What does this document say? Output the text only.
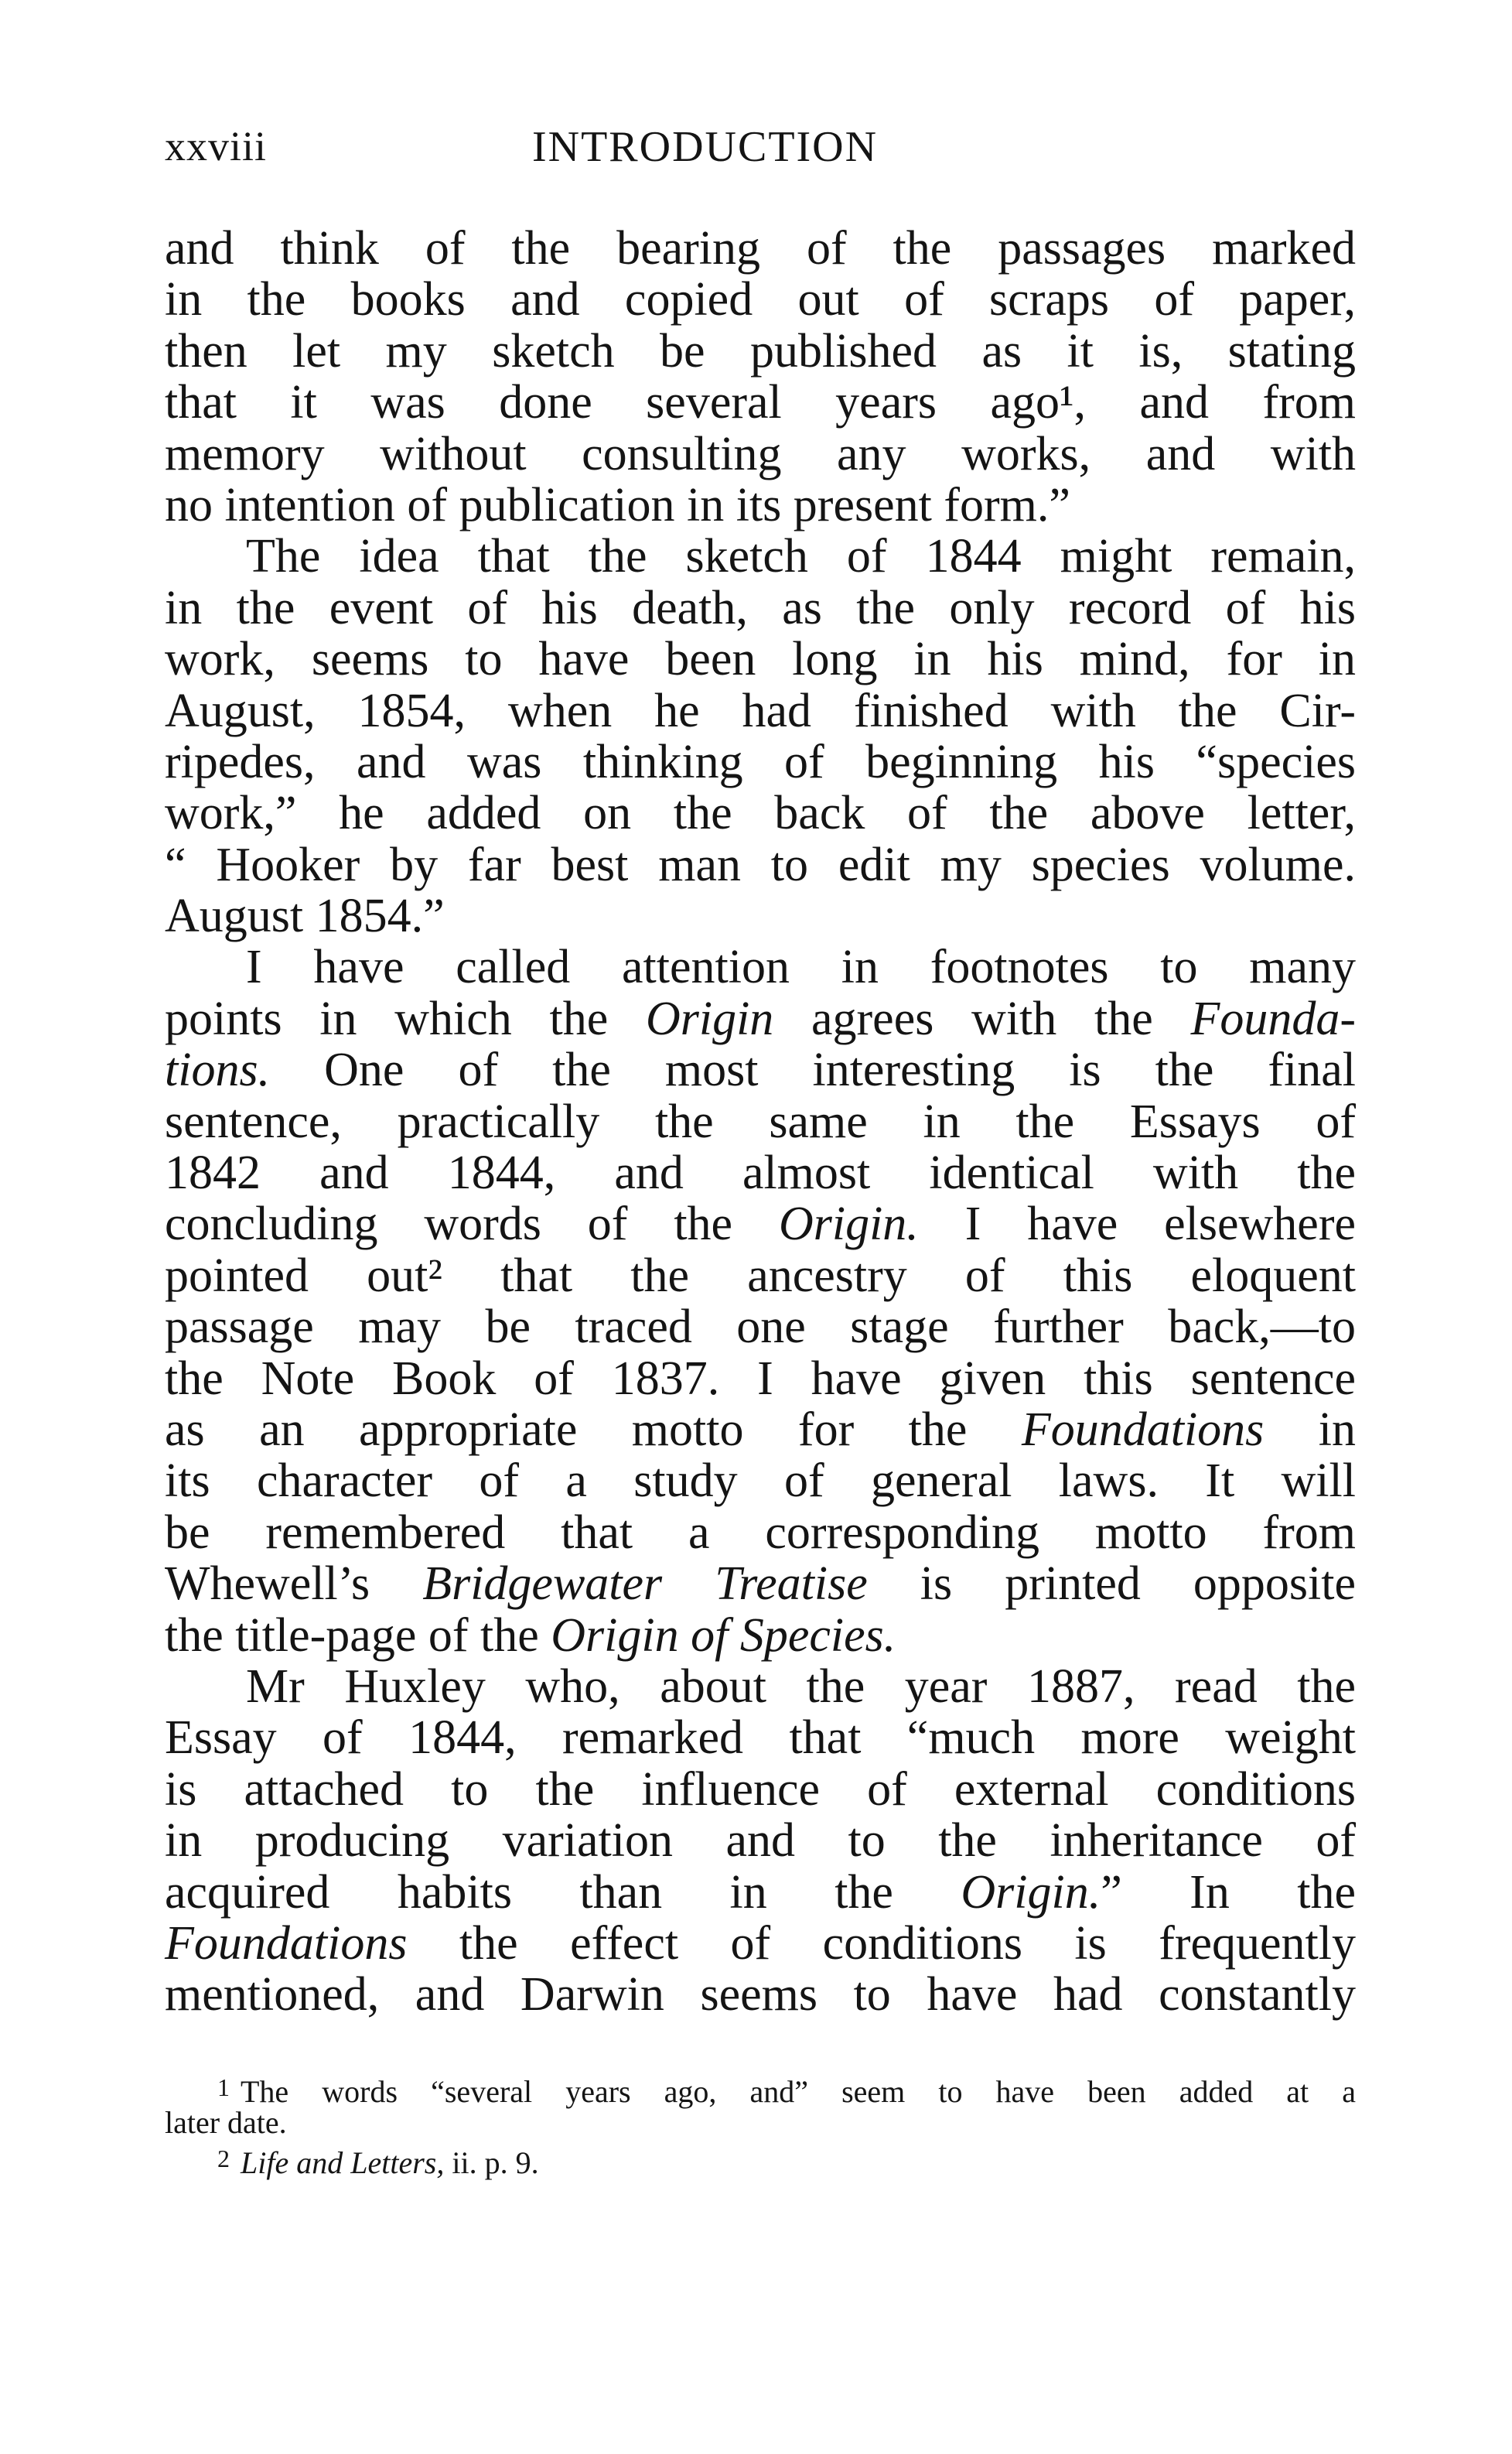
xxviii	INTRODUCTION
and think of the bearing of the passages marked
in the books and copied out of scraps of paper,
then let my sketch be published as it is, stating
that it was done several years ago¹, and from
memory without consulting any works, and with
no intention of publication in its present form.”
The idea that the sketch of 1844 might remain,
in the event of his death, as the only record of his
work, seems to have been long in his mind, for in
August, 1854, when he had finished with the Cir-
ripedes, and was thinking of beginning his “species
work,” he added on the back of the above letter,
“ Hooker by far best man to edit my species volume.
August 1854.”
I have called attention in footnotes to many
points in which the Origin agrees with the Founda-
tions. One of the most interesting is the final
sentence, practically the same in the Essays of
1842 and 1844, and almost identical with the
concluding words of the Origin. I have elsewhere
pointed out² that the ancestry of this eloquent
passage may be traced one stage further back,—to
the Note Book of 1837. I have given this sentence
as an appropriate motto for the Foundations in
its character of a study of general laws. It will
be remembered that a corresponding motto from
Whewell’s Bridgewater Treatise is printed opposite
the title-page of the Origin of Species.
Mr Huxley who, about the year 1887, read the
Essay of 1844, remarked that “much more weight
is attached to the influence of external conditions
in producing variation and to the inheritance of
acquired habits than in the Origin.” In the
Foundations the effect of conditions is frequently
mentioned, and Darwin seems to have had constantly
$^1$ The words “several years ago, and” seem to have been added at a
later date.
$^2$ Life and Letters, ii. p. 9.
